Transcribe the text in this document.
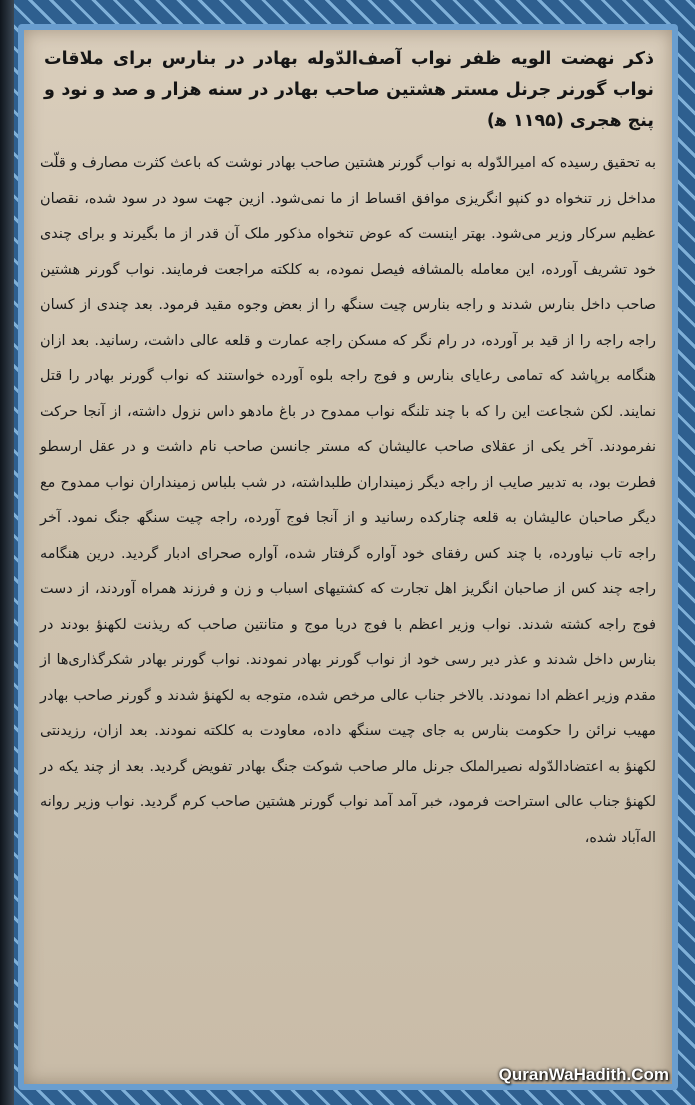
ذکر نهضت الویه ظفر نواب آصف‌الدّوله بهادر در بنارس برای ملاقات نواب گورنر جرنل مستر هشتین صاحب بهادر در سنه هزار و صد و نود و پنج هجری (۱۱۹۵ ﻫ)

به تحقیق رسیده که امیرالدّوله به نواب گورنر هشتین صاحب بهادر نوشت که باعث کثرت مصارف و قلّت مداخل زر تنخواه دو کنپو انگریزی موافق اقساط از ما نمی‌شود. ازین جهت سود در سود شده، نقصان عظیم سرکار وزیر می‌شود. بهتر اینست که عوض تنخواه مذکور ملک آن قدر از ما بگیرند و برای چندی خود تشریف آورده، این معامله بالمشافه فیصل نموده، به کلکته مراجعت فرمایند. نواب گورنر هشتین صاحب داخل بنارس شدند و راجه بنارس چیت سنگھ را از بعض وجوه مقید فرمود. بعد چندی از کسان راجه راجه را از قید بر آورده، در رام نگر که مسکن راجه عمارت و قلعه عالی داشت، رسانید. بعد ازان هنگامه برپاشد که تمامی رعایای بنارس و فوج راجه بلوه آورده خواستند که نواب گورنر بهادر را قتل نمایند. لکن شجاعت این را که با چند تلنگه نواب ممدوح در باغ مادهو داس نزول داشته، از آنجا حرکت نفرمودند. آخر یکی از عقلای صاحب عالیشان که مستر جانسن صاحب نام داشت و در عقل ارسطو فطرت بود، به تدبیر صایب از راجه دیگر زمینداران طلبداشته، در شب بلباس زمینداران نواب ممدوح مع دیگر صاحبان عالیشان به قلعه چنارکده رسانید و از آنجا فوج آورده، راجه چیت سنگھ جنگ نمود. آخر راجه تاب نیاورده، با چند کس رفقای خود آواره گرفتار شده، آواره صحرای ادبار گردید. درین هنگامه راجه چند کس از صاحبان انگریز اهل تجارت که کشتیهای اسباب و زن و فرزند همراه آوردند، از دست فوج راجه کشته شدند. نواب وزیر اعظم با فوج دریا موج و متانتین صاحب که ریذنت لکهنؤ بودند در بنارس داخل شدند و عذر دیر رسی خود از نواب گورنر بهادر نمودند. نواب گورنر بهادر شکرگذاری‌ها از مقدم وزیر اعظم ادا نمودند. بالاخر جناب عالی مرخص شده، متوجه به لکهنؤ شدند و گورنر صاحب بهادر مهیب نرائن را حکومت بنارس به جای چیت سنگھ داده، معاودت به کلکته نمودند. بعد ازان، رزیدنتی لکهنؤ به اعتضادالدّوله نصیرالملک جرنل مالر صاحب شوکت جنگ بهادر تفویض گردید. بعد از چند یکه در لکهنؤ جناب عالی استراحت فرمود، خبر آمد آمد نواب گورنر هشتین صاحب کرم گردید. نواب وزیر روانه اله‌آباد شده،

QuranWaHadith.Com
